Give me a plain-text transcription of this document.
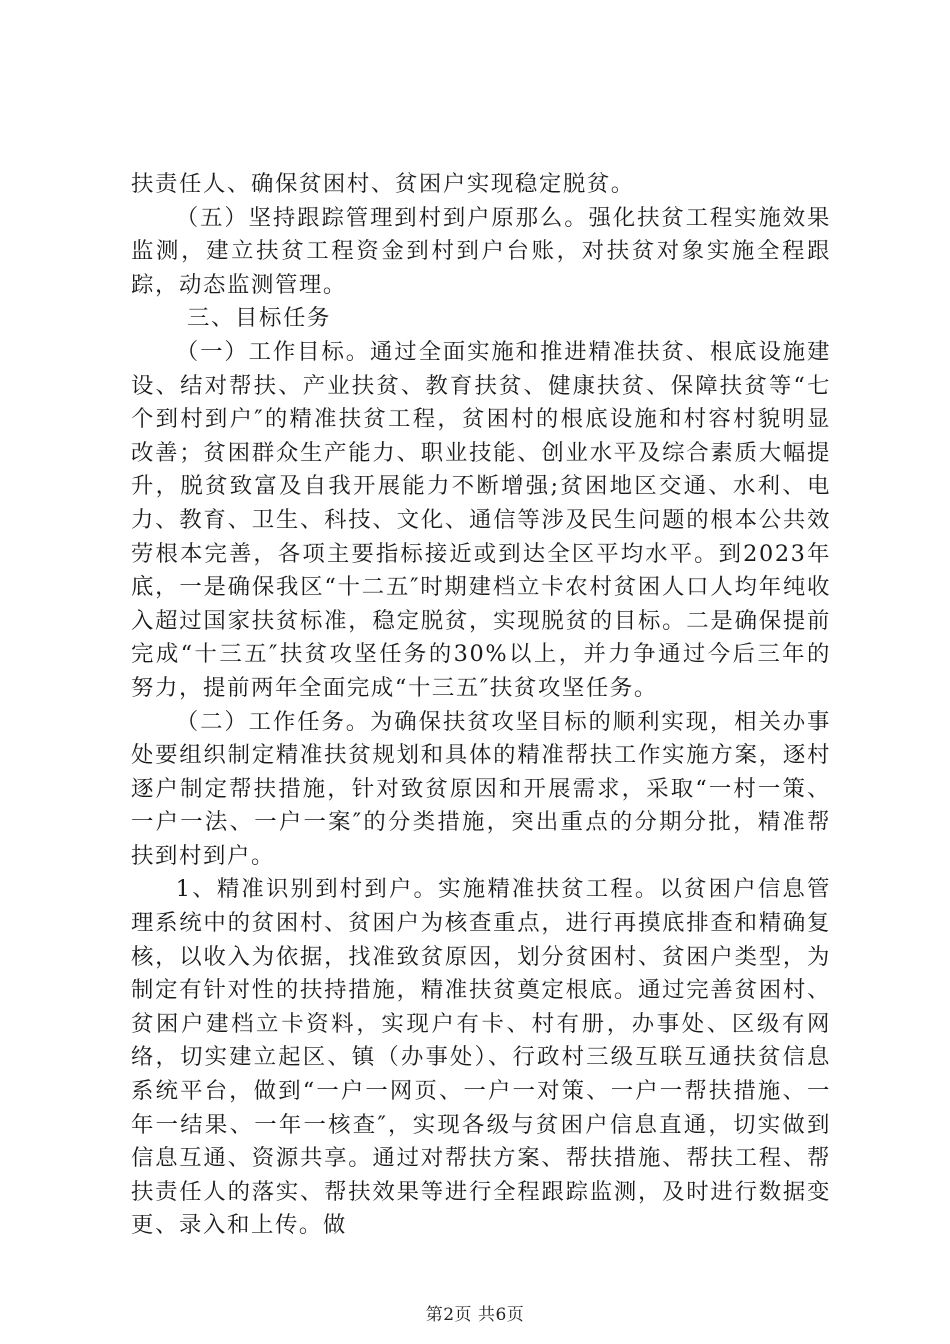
扶责任人、确保贫困村、贫困户实现稳定脱贫。

（五）坚持跟踪管理到村到户原那么。强化扶贫工程实施效果监测，建立扶贫工程资金到村到户台账，对扶贫对象实施全程跟踪，动态监测管理。

三、目标任务

（一）工作目标。通过全面实施和推进精准扶贫、根底设施建设、结对帮扶、产业扶贫、教育扶贫、健康扶贫、保障扶贫等“七个到村到户″的精准扶贫工程，贫困村的根底设施和村容村貌明显改善；贫困群众生产能力、职业技能、创业水平及综合素质大幅提升，脱贫致富及自我开展能力不断增强;贫困地区交通、水利、电力、教育、卫生、科技、文化、通信等涉及民生问题的根本公共效劳根本完善，各项主要指标接近或到达全区平均水平。到2023年底，一是确保我区“十二五″时期建档立卡农村贫困人口人均年纯收入超过国家扶贫标准，稳定脱贫，实现脱贫的目标。二是确保提前完成“十三五″扶贫攻坚任务的30%以上，并力争通过今后三年的努力，提前两年全面完成“十三五″扶贫攻坚任务。

（二）工作任务。为确保扶贫攻坚目标的顺利实现，相关办事处要组织制定精准扶贫规划和具体的精准帮扶工作实施方案，逐村逐户制定帮扶措施，针对致贫原因和开展需求，采取“一村一策、一户一法、一户一案″的分类措施，突出重点的分期分批，精准帮扶到村到户。

1、精准识别到村到户。实施精准扶贫工程。以贫困户信息管理系统中的贫困村、贫困户为核查重点，进行再摸底排查和精确复核，以收入为依据，找准致贫原因，划分贫困村、贫困户类型，为制定有针对性的扶持措施，精准扶贫奠定根底。通过完善贫困村、贫困户建档立卡资料，实现户有卡、村有册，办事处、区级有网络，切实建立起区、镇（办事处）、行政村三级互联互通扶贫信息系统平台，做到“一户一网页、一户一对策、一户一帮扶措施、一年一结果、一年一核查″，实现各级与贫困户信息直通，切实做到信息互通、资源共享。通过对帮扶方案、帮扶措施、帮扶工程、帮扶责任人的落实、帮扶效果等进行全程跟踪监测，及时进行数据变更、录入和上传。做

第2页 共6页
